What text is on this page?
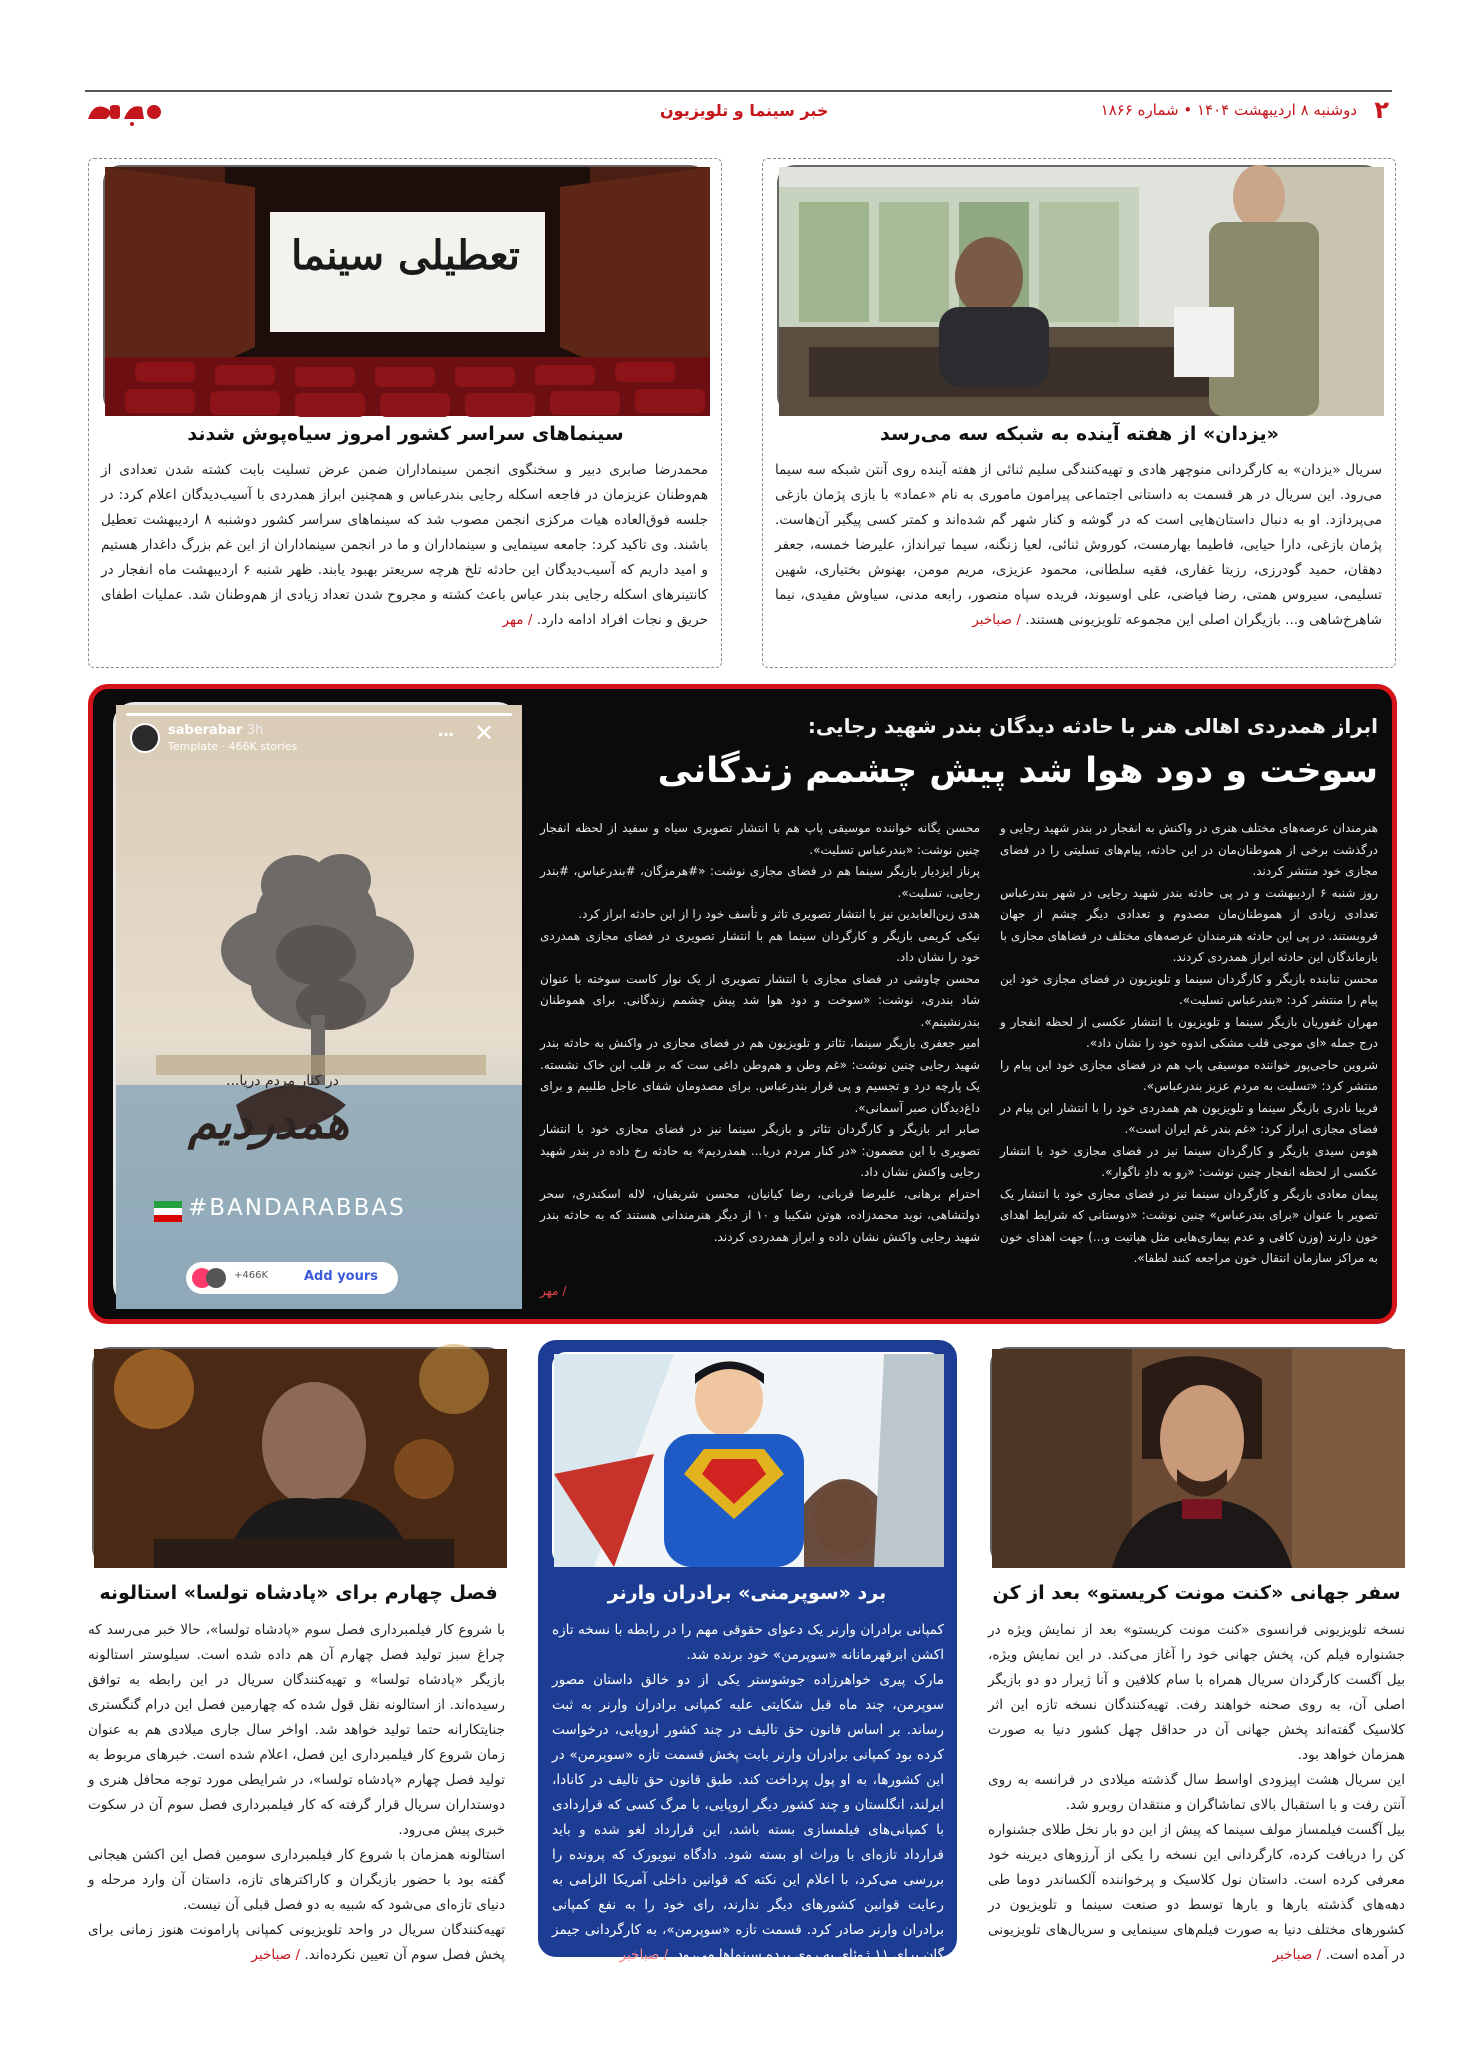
۲
دوشنبه ۸ اردیبهشت ۱۴۰۴ • شماره ۱۸۶۶
خبر سینما و تلویزیون
«یزدان» از هفته آینده به شبکه سه می‌رسد
سریال «یزدان» به کارگردانی منوچهر هادی و تهیه‌کنندگی سلیم ثنائی از هفته آینده روی آنتن شبکه سه سیما می‌رود. این سریال در هر قسمت به داستانی اجتماعی پیرامون ماموری به نام «عماد» با بازی پژمان بازغی می‌پردازد. او به دنبال داستان‌هایی است که در گوشه و کنار شهر گم شده‌اند و کمتر کسی پیگیر آن‌هاست. پژمان بازغی، دارا حیایی، فاطیما بهارمست، کوروش ثنائی، لعیا زنگنه، سیما تیرانداز، علیرضا خمسه، جعفر دهقان، حمید گودرزی، رزیتا غفاری، فقیه سلطانی، محمود عزیزی، مریم مومن، بهنوش بختیاری، شهین تسلیمی، سیروس همتی، رضا فیاضی، علی اوسیوند، فریده سپاه منصور، رابعه مدنی، سیاوش مفیدی، نیما شاهرخ‌شاهی و... بازیگران اصلی این مجموعه تلویزیونی هستند. / صباخبر
تعطیلی سینما
سینماهای سراسر کشور امروز سیاه‌پوش شدند
محمدرضا صابری دبیر و سخنگوی انجمن سینماداران ضمن عرض تسلیت بابت کشته شدن تعدادی از هم‌وطنان عزیزمان در فاجعه اسکله رجایی بندرعباس و همچنین ابراز همدردی با آسیب‌دیدگان اعلام کرد: در جلسه فوق‌العاده هیات مرکزی انجمن مصوب شد که سینماهای سراسر کشور دوشنبه ۸ اردیبهشت تعطیل باشند. وی تاکید کرد: جامعه سینمایی و سینماداران و ما در انجمن سینماداران از این غم بزرگ داغدار هستیم و امید داریم که آسیب‌دیدگان این حادثه تلخ هرچه سریعتر بهبود یابند. ظهر شنبه ۶ اردیبهشت ماه انفجار در کانتینرهای اسکله رجایی بندر عباس باعث کشته و مجروح شدن تعداد زیادی از هم‌وطنان شد. عملیات اطفای حریق و نجات افراد ادامه دارد. / مهر
saberabar 3h
Template · 466K stories
⋯ ✕
در کنار مردم دریا...
همدردیم
#BANDARABBAS
+466K	Add yours
ابراز همدردی اهالی هنر با حادثه دیدگان بندر شهید رجایی:
سوخت و دود هوا شد پیش چشمم زندگانی
هنرمندان عرصه‌های مختلف هنری در واکنش به انفجار در بندر شهید رجایی و درگذشت برخی از هموطنان‌مان در این حادثه، پیام‌های تسلیتی را در فضای مجازی خود منتشر کردند.
روز شنبه ۶ اردیبهشت و در پی حادثه بندر شهید رجایی در شهر بندرعباس تعدادی زیادی از هموطنان‌مان مصدوم و تعدادی دیگر چشم از جهان فروبستند. در پی این حادثه هنرمندان عرصه‌های مختلف در فضاهای مجازی با بازماندگان این حادثه ابراز همدردی کردند.
محسن تنابنده بازیگر و کارگردان سینما و تلویزیون در فضای مجازی خود این پیام را منتشر کرد: «بندرعباس تسلیت».
مهران غفوریان بازیگر سینما و تلویزیون با انتشار عکسی از لحظه انفجار و درج جمله «ای موجی قلب مشکی اندوه خود را نشان داد».
شروین حاجی‌پور خواننده موسیقی پاپ هم در فضای مجازی خود این پیام را منتشر کرد: «تسلیت به مردم عزیز بندرعباس».
فریبا نادری بازیگر سینما و تلویزیون هم همدردی خود را با انتشار این پیام در فضای مجازی ابراز کرد: «غم بندر غم ایران است».
هومن سیدی بازیگر و کارگردان سینما نیز در فضای مجازی خود با انتشار عکسی از لحظه انفجار چنین نوشت: «رو به دادِ ناگوار».
پیمان معادی بازیگر و کارگردان سینما نیز در فضای مجازی خود با انتشار یک تصویر با عنوان «برای بندرعباس» چنین نوشت: «دوستانی که شرایط اهدای خون دارند (وزن کافی و عدم بیماری‌هایی مثل هپاتیت و...) جهت اهدای خون به مراکز سازمان انتقال خون مراجعه کنند لطفا».
محسن یگانه خواننده موسیقی پاپ هم با انتشار تصویری سیاه و سفید از لحظه انفجار چنین نوشت: «بندرعباس تسلیت».
پرناز ایزدیار بازیگر سینما هم در فضای مجازی نوشت: «#هرمزگان، #بندرعباس، #بندر رجایی، تسلیت».
هدی زین‌العابدین نیز با انتشار تصویری تاثر و تأسف خود را از این حادثه ابراز کرد.
نیکی کریمی بازیگر و کارگردان سینما هم با انتشار تصویری در فضای مجازی همدردی خود را نشان داد.
محسن چاوشی در فضای مجازی با انتشار تصویری از یک نوار کاست سوخته با عنوان شاد بندری، نوشت: «سوخت و دود هوا شد پیش چشمم زندگانی. برای هموطنان بندرنشینم».
امیر جعفری بازیگر سینما، تئاتر و تلویزیون هم در فضای مجازی در واکنش به حادثه بندر شهید رجایی چنین نوشت: «غم وطن و هم‌وطن داغی ست که بر قلب این خاک نشسته. یک پارچه درد و تجسیم و پی قرار بندرعباس. برای مصدومان شفای عاجل طلبیم و برای داغ‌دیدگان صبر آسمانی».
صابر ابر بازیگر و کارگردان تئاتر و بازیگر سینما نیز در فضای مجازی خود با انتشار تصویری با این مضمون: «در کنار مردم دریا... همدردیم» به حادثه رخ داده در بندر شهید رجایی واکنش نشان داد.
احترام برهانی، علیرضا قربانی، رضا کیانیان، محسن شریفیان، لاله اسکندری، سحر دولتشاهی، نوید محمدزاده، هوتن شکیبا و ۱۰ از دیگر هنرمندانی هستند که به حادثه بندر شهید رجایی واکنش نشان داده و ابراز همدردی کردند.
/ مهر
فصل چهارم برای «پادشاه تولسا» استالونه
با شروع کار فیلمبرداری فصل سوم «پادشاه تولسا»، حالا خبر می‌رسد که چراغ سبز تولید فصل چهارم آن هم داده شده است. سیلوستر استالونه بازیگر «پادشاه تولسا» و تهیه‌کنندگان سریال در این رابطه به توافق رسیده‌اند. از استالونه نقل قول شده که چهارمین فصل این درام گنگستری جنایتکارانه حتما تولید خواهد شد. اواخر سال جاری میلادی هم به عنوان زمان شروع کار فیلمبرداری این فصل، اعلام شده است. خبرهای مربوط به تولید فصل چهارم «پادشاه تولسا»، در شرایطی مورد توجه محافل هنری و دوستداران سریال قرار گرفته که کار فیلمبرداری فصل سوم آن در سکوت خبری پیش می‌رود.
استالونه همزمان با شروع کار فیلمبرداری سومین فصل این اکشن هیجانی گفته بود با حضور بازیگران و کاراکترهای تازه، داستان آن وارد مرحله و دنیای تازه‌ای می‌شود که شبیه به دو فصل قبلی آن نیست.
تهیه‌کنندگان سریال در واحد تلویزیونی کمپانی پارامونت هنوز زمانی برای پخش فصل سوم آن تعیین نکرده‌اند. / صباخبر
برد «سوپرمنی» برادران وارنر
کمپانی برادران وارنر یک دعوای حقوقی مهم را در رابطه با نسخه تازه اکشن ابرقهرمانانه «سوپرمن» خود برنده شد.
مارک پیری خواهرزاده جوشوستر یکی از دو خالق داستان مصور سوپرمن، چند ماه قبل شکایتی علیه کمپانی برادران وارنر به ثبت رساند. بر اساس قانون حق تالیف در چند کشور اروپایی، درخواست کرده بود کمپانی برادران وارنر بابت پخش قسمت تازه «سوپرمن» در این کشورها، به او پول پرداخت کند. طبق قانون حق تالیف در کانادا، ایرلند، انگلستان و چند کشور دیگر اروپایی، با مرگ کسی که قراردادی با کمپانی‌های فیلمسازی بسته باشد، این قرارداد لغو شده و باید قرارداد تازه‌ای با وراث او بسته شود. دادگاه نیویورک که پرونده را بررسی می‌کرد، با اعلام این نکته که قوانین داخلی آمریکا الزامی به رعایت قوانین کشورهای دیگر ندارند، رای خود را به نفع کمپانی برادران وارنر صادر کرد. قسمت تازه «سوپرمن»، به کارگردانی جیمز گان برای ۱۱ ژوئای به روی پرده سینماها می‌رود. / صباخبر
سفر جهانی «کنت مونت کریستو» بعد از کن
نسخه تلویزیونی فرانسوی «کنت مونت کریستو» بعد از نمایش ویژه در جشنواره فیلم کن، پخش جهانی خود را آغاز می‌کند. در این نمایش ویژه، بیل آگست کارگردان سریال همراه با سام کلافین و آنا ژیرار دو دو بازیگر اصلی آن، به روی صحنه خواهند رفت. تهیه‌کنندگان نسخه تازه این اثر کلاسیک گفته‌اند پخش جهانی آن در حداقل چهل کشور دنیا به صورت همزمان خواهد بود.
این سریال هشت اپیزودی اواسط سال گذشته میلادی در فرانسه به روی آنتن رفت و با استقبال بالای تماشاگران و منتقدان روبرو شد.
بیل آگست فیلمساز مولف سینما که پیش از این دو بار نخل طلای جشنواره کن را دریافت کرده، کارگردانی این نسخه را یکی از آرزوهای دیرینه خود معرفی کرده است. داستان نول کلاسیک و پرخواننده آلکساندر دوما طی دهه‌های گذشته بارها و بارها توسط دو صنعت سینما و تلویزیون در کشورهای مختلف دنیا به صورت فیلم‌های سینمایی و سریال‌های تلویزیونی در آمده است. / صباخبر
